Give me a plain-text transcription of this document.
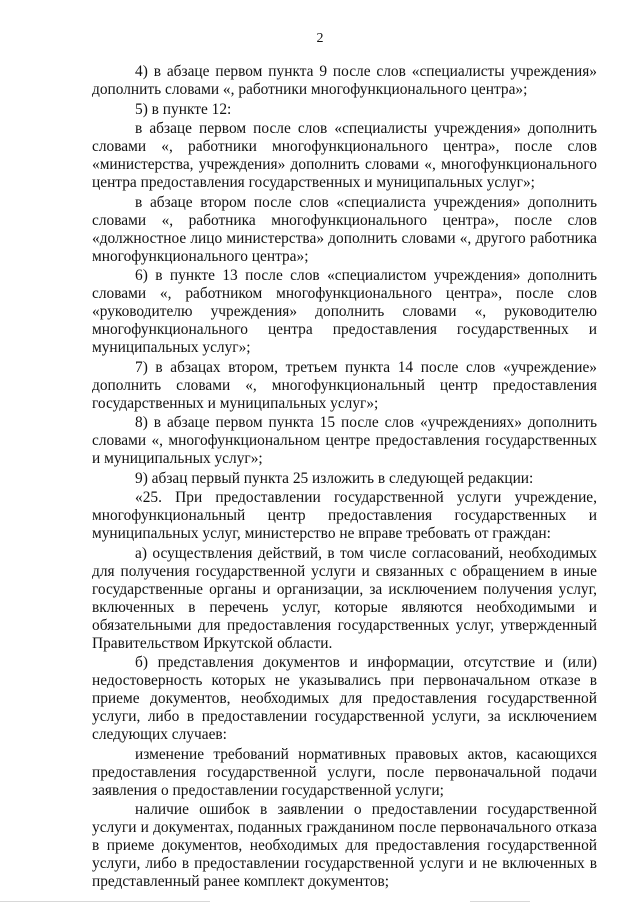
2

4) в абзаце первом пункта 9 после слов «специалисты учреждения» дополнить словами «, работники многофункционального центра»;

5) в пункте 12:

в абзаце первом после слов «специалисты учреждения» дополнить словами «, работники многофункционального центра», после слов «министерства, учреждения» дополнить словами «, многофункционального центра предоставления государственных и муниципальных услуг»;

в абзаце втором после слов «специалиста учреждения» дополнить словами «, работника многофункционального центра», после слов «должностное лицо министерства» дополнить словами «, другого работника многофункционального центра»;

6) в пункте 13 после слов «специалистом учреждения» дополнить словами «, работником многофункционального центра», после слов «руководителю учреждения» дополнить словами «, руководителю многофункционального центра предоставления государственных и муниципальных услуг»;

7) в абзацах втором, третьем пункта 14 после слов «учреждение» дополнить словами «, многофункциональный центр предоставления государственных и муниципальных услуг»;

8) в абзаце первом пункта 15 после слов «учреждениях» дополнить словами «, многофункциональном центре предоставления государственных и муниципальных услуг»;

9) абзац первый пункта 25 изложить в следующей редакции:

«25. При предоставлении государственной услуги учреждение, многофункциональный центр предоставления государственных и муниципальных услуг, министерство не вправе требовать от граждан:

а) осуществления действий, в том числе согласований, необходимых для получения государственной услуги и связанных с обращением в иные государственные органы и организации, за исключением получения услуг, включенных в перечень услуг, которые являются необходимыми и обязательными для предоставления государственных услуг, утвержденный Правительством Иркутской области.

б) представления документов и информации, отсутствие и (или) недостоверность которых не указывались при первоначальном отказе в приеме документов, необходимых для предоставления государственной услуги, либо в предоставлении государственной услуги, за исключением следующих случаев:

изменение требований нормативных правовых актов, касающихся предоставления государственной услуги, после первоначальной подачи заявления о предоставлении государственной услуги;

наличие ошибок в заявлении о предоставлении государственной услуги и документах, поданных гражданином после первоначального отказа в приеме документов, необходимых для предоставления государственной услуги, либо в предоставлении государственной услуги и не включенных в представленный ранее комплект документов;
